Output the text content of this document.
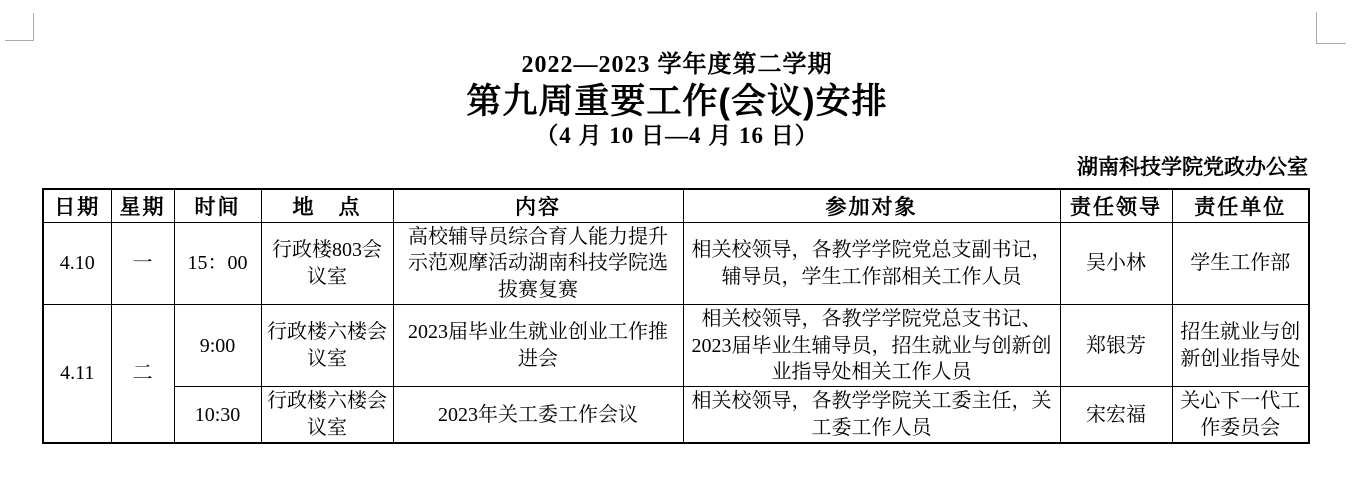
2022—2023 学年度第二学期
第九周重要工作(会议)安排
（4 月 10 日—4 月 16 日）
湖南科技学院党政办公室
日期	星期	时间	地　点	内容	参加对象	责任领导	责任单位
4.10	一	15：00	行政楼803会议室	高校辅导员综合育人能力提升示范观摩活动湖南科技学院选拔赛复赛	相关校领导，各教学学院党总支副书记，辅导员，学生工作部相关工作人员	吴小林	学生工作部
4.11	二	9:00	行政楼六楼会议室	2023届毕业生就业创业工作推进会	相关校领导，各教学学院党总支书记、2023届毕业生辅导员，招生就业与创新创业指导处相关工作人员	郑银芳	招生就业与创新创业指导处
		10:30	行政楼六楼会议室	2023年关工委工作会议	相关校领导，各教学学院关工委主任，关工委工作人员	宋宏福	关心下一代工作委员会
